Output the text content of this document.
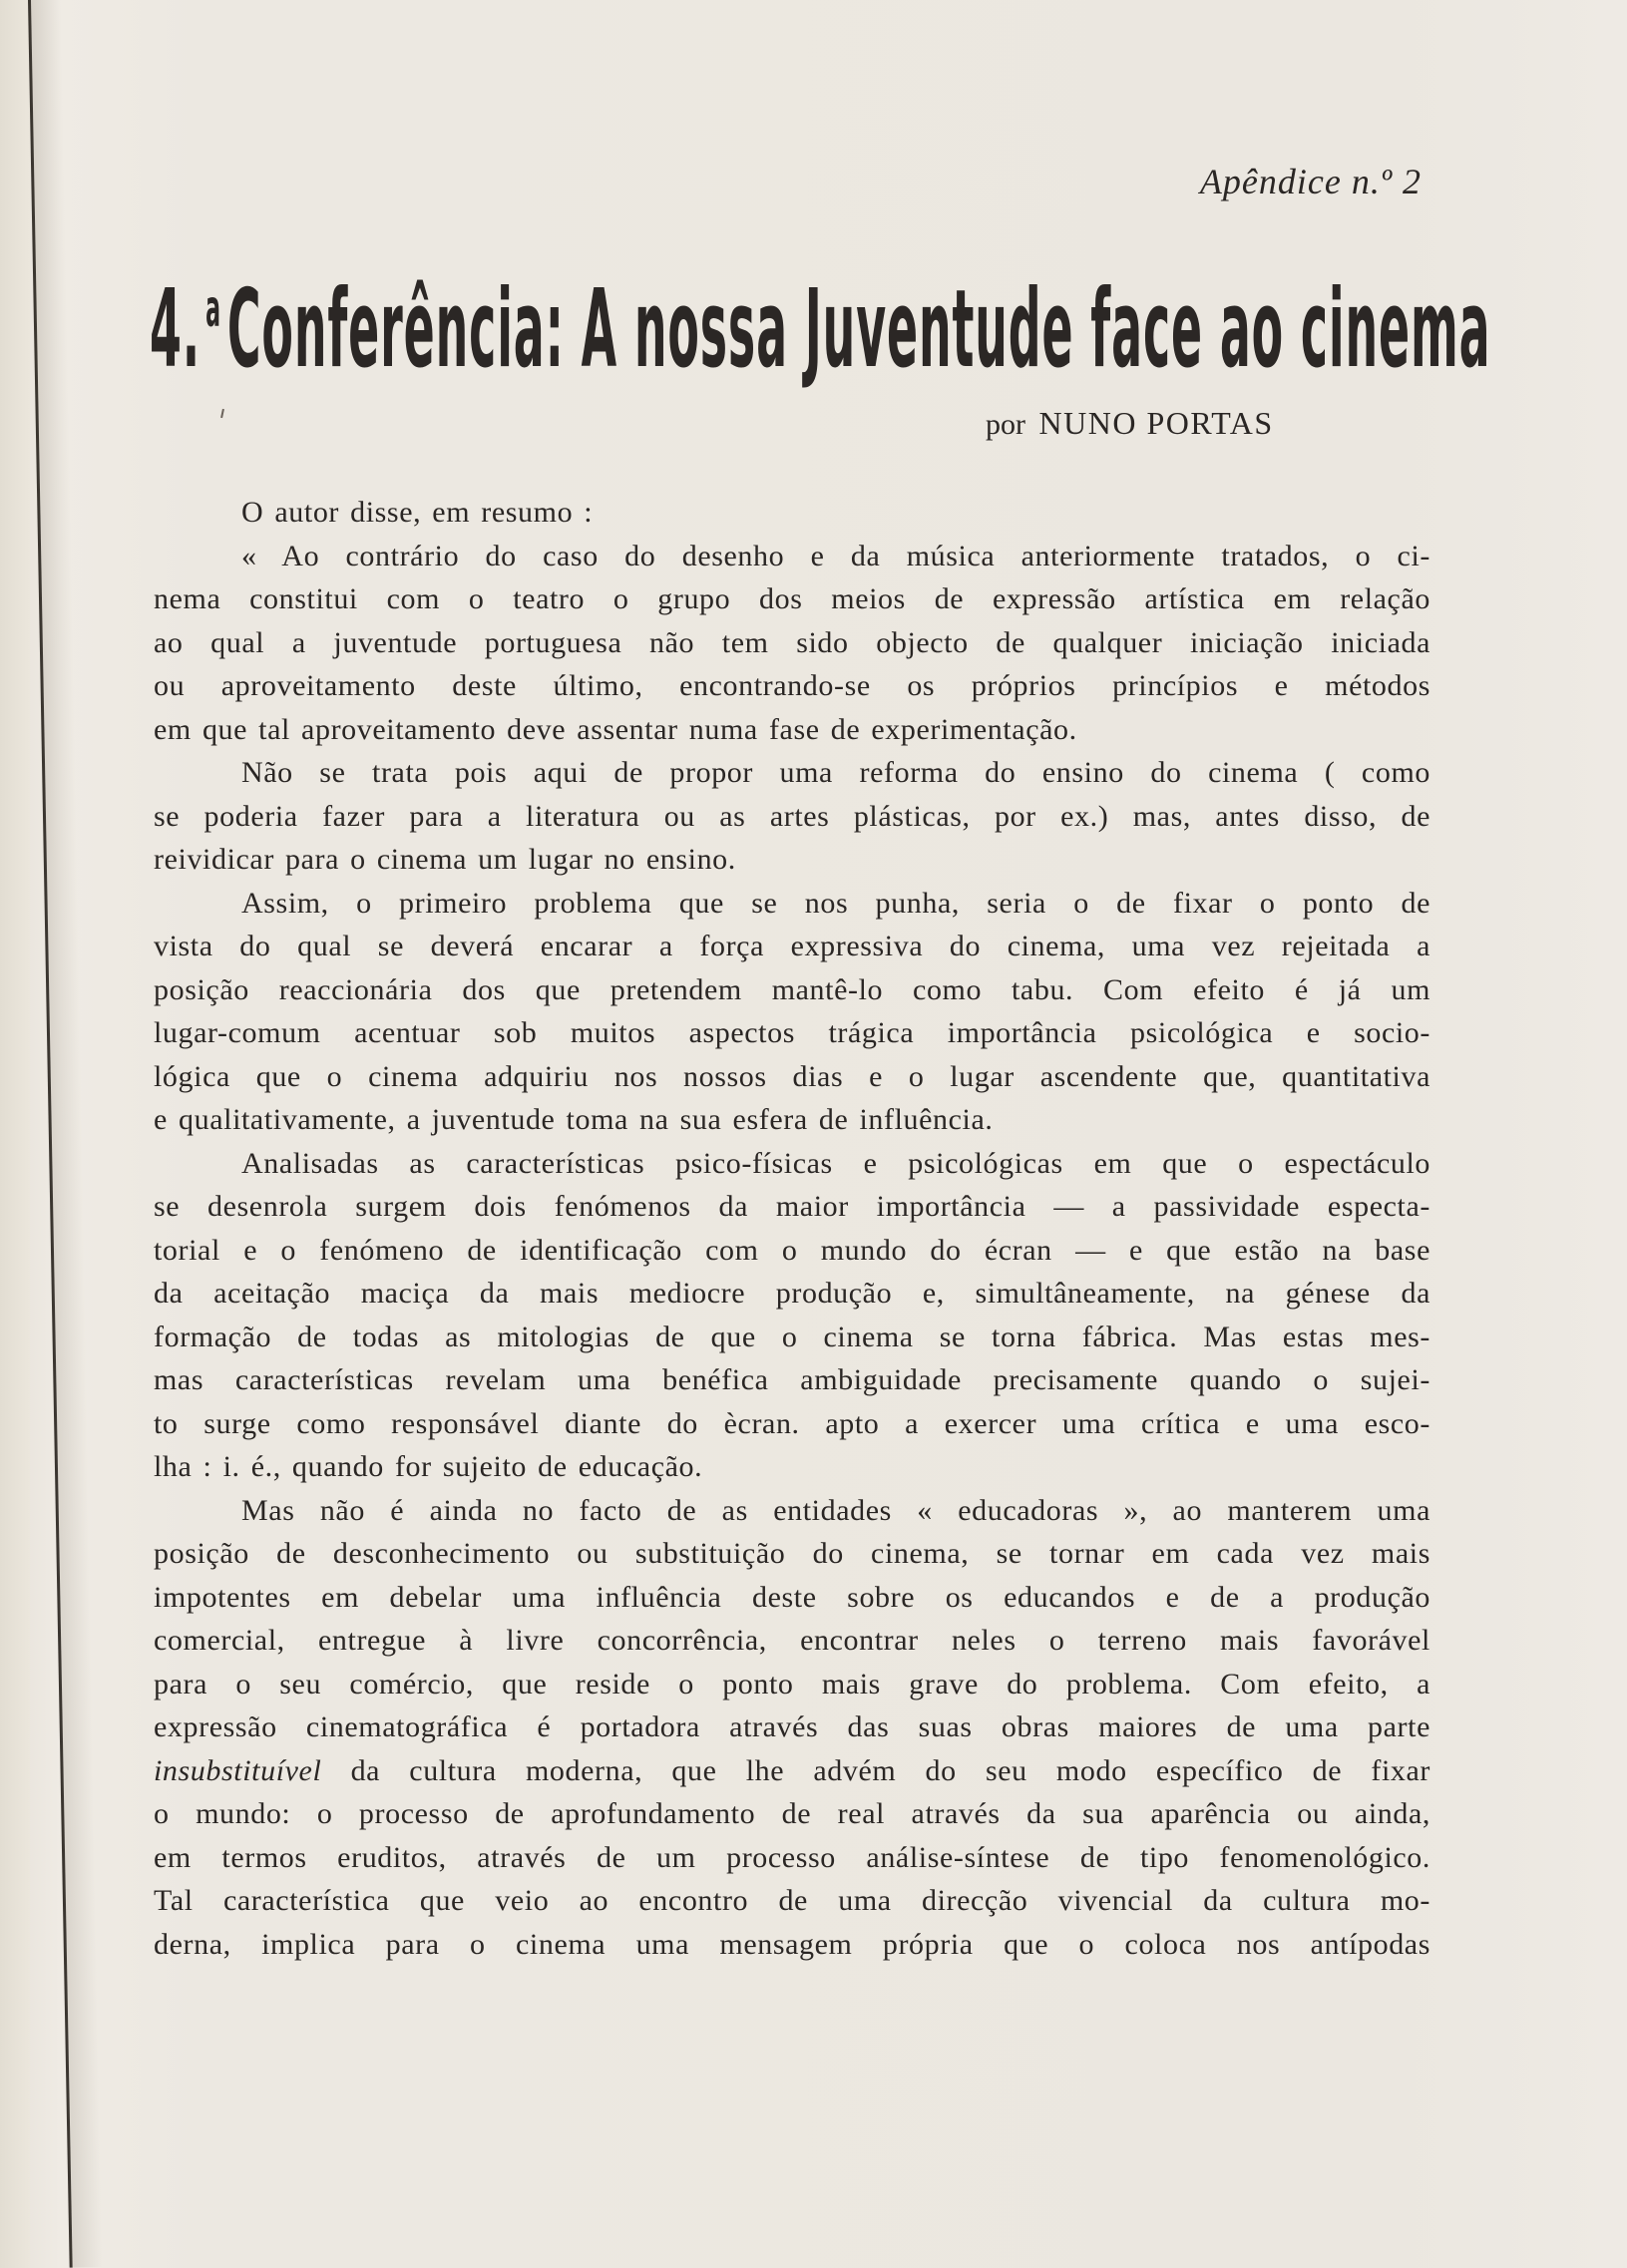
Apêndice n.º 2
4.$^a$Conferência: A nossa Juventude face ao cinema
por NUNO PORTAS
O autor disse, em resumo :
« Ao contrário do caso do desenho e da música anteriormente tratados, o ci-
nema constitui com o teatro o grupo dos meios de expressão artística em relação
ao qual a juventude portuguesa não tem sido objecto de qualquer iniciação iniciada
ou aproveitamento deste último, encontrando-se os próprios princípios e métodos
em que tal aproveitamento deve assentar numa fase de experimentação.
Não se trata pois aqui de propor uma reforma do ensino do cinema ( como
se poderia fazer para a literatura ou as artes plásticas, por ex.) mas, antes disso, de
reividicar para o cinema um lugar no ensino.
Assim, o primeiro problema que se nos punha, seria o de fixar o ponto de
vista do qual se deverá encarar a força expressiva do cinema, uma vez rejeitada a
posição reaccionária dos que pretendem mantê-lo como tabu. Com efeito é já um
lugar-comum acentuar sob muitos aspectos trágica importância psicológica e socio-
lógica que o cinema adquiriu nos nossos dias e o lugar ascendente que, quantitativa
e qualitativamente, a juventude toma na sua esfera de influência.
Analisadas as características psico-físicas e psicológicas em que o espectáculo
se desenrola surgem dois fenómenos da maior importância — a passividade especta-
torial e o fenómeno de identificação com o mundo do écran — e que estão na base
da aceitação maciça da mais mediocre produção e, simultâneamente, na génese da
formação de todas as mitologias de que o cinema se torna fábrica. Mas estas mes-
mas características revelam uma benéfica ambiguidade precisamente quando o sujei-
to surge como responsável diante do ècran. apto a exercer uma crítica e uma esco-
lha : i. é., quando for sujeito de educação.
Mas não é ainda no facto de as entidades « educadoras », ao manterem uma
posição de desconhecimento ou substituição do cinema, se tornar em cada vez mais
impotentes em debelar uma influência deste sobre os educandos e de a produção
comercial, entregue à livre concorrência, encontrar neles o terreno mais favorável
para o seu comércio, que reside o ponto mais grave do problema. Com efeito, a
expressão cinematográfica é portadora através das suas obras maiores de uma parte
insubstituível da cultura moderna, que lhe advém do seu modo específico de fixar
o mundo: o processo de aprofundamento de real através da sua aparência ou ainda,
em termos eruditos, através de um processo análise-síntese de tipo fenomenológico.
Tal característica que veio ao encontro de uma direcção vivencial da cultura mo-
derna, implica para o cinema uma mensagem própria que o coloca nos antípodas
